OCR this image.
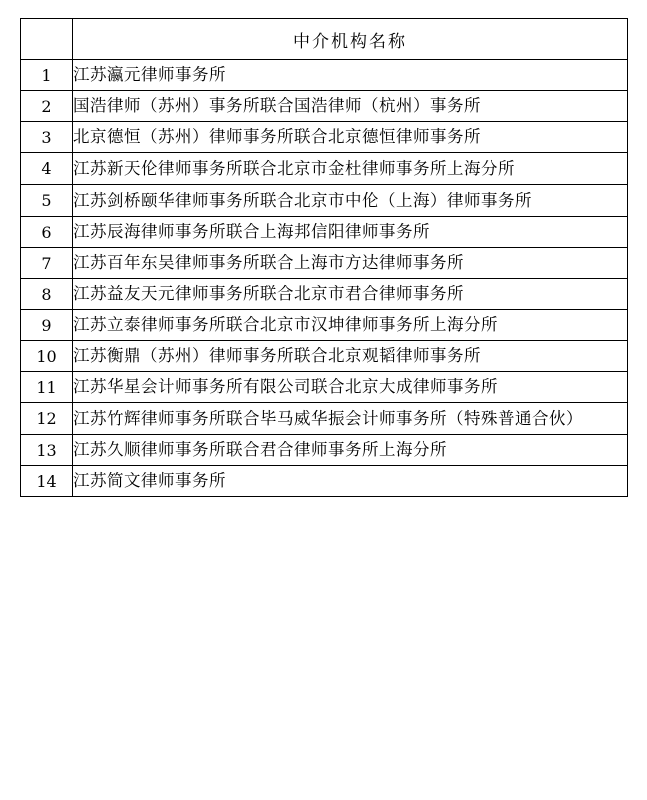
	中介机构名称
1	江苏瀛元律师事务所
2	国浩律师（苏州）事务所联合国浩律师（杭州）事务所
3	北京德恒（苏州）律师事务所联合北京德恒律师事务所
4	江苏新天伦律师事务所联合北京市金杜律师事务所上海分所
5	江苏剑桥颐华律师事务所联合北京市中伦（上海）律师事务所
6	江苏辰海律师事务所联合上海邦信阳律师事务所
7	江苏百年东吴律师事务所联合上海市方达律师事务所
8	江苏益友天元律师事务所联合北京市君合律师事务所
9	江苏立泰律师事务所联合北京市汉坤律师事务所上海分所
10	江苏衡鼎（苏州）律师事务所联合北京观韬律师事务所
11	江苏华星会计师事务所有限公司联合北京大成律师事务所
12	江苏竹辉律师事务所联合毕马威华振会计师事务所（特殊普通合伙）
13	江苏久顺律师事务所联合君合律师事务所上海分所
14	江苏简文律师事务所
